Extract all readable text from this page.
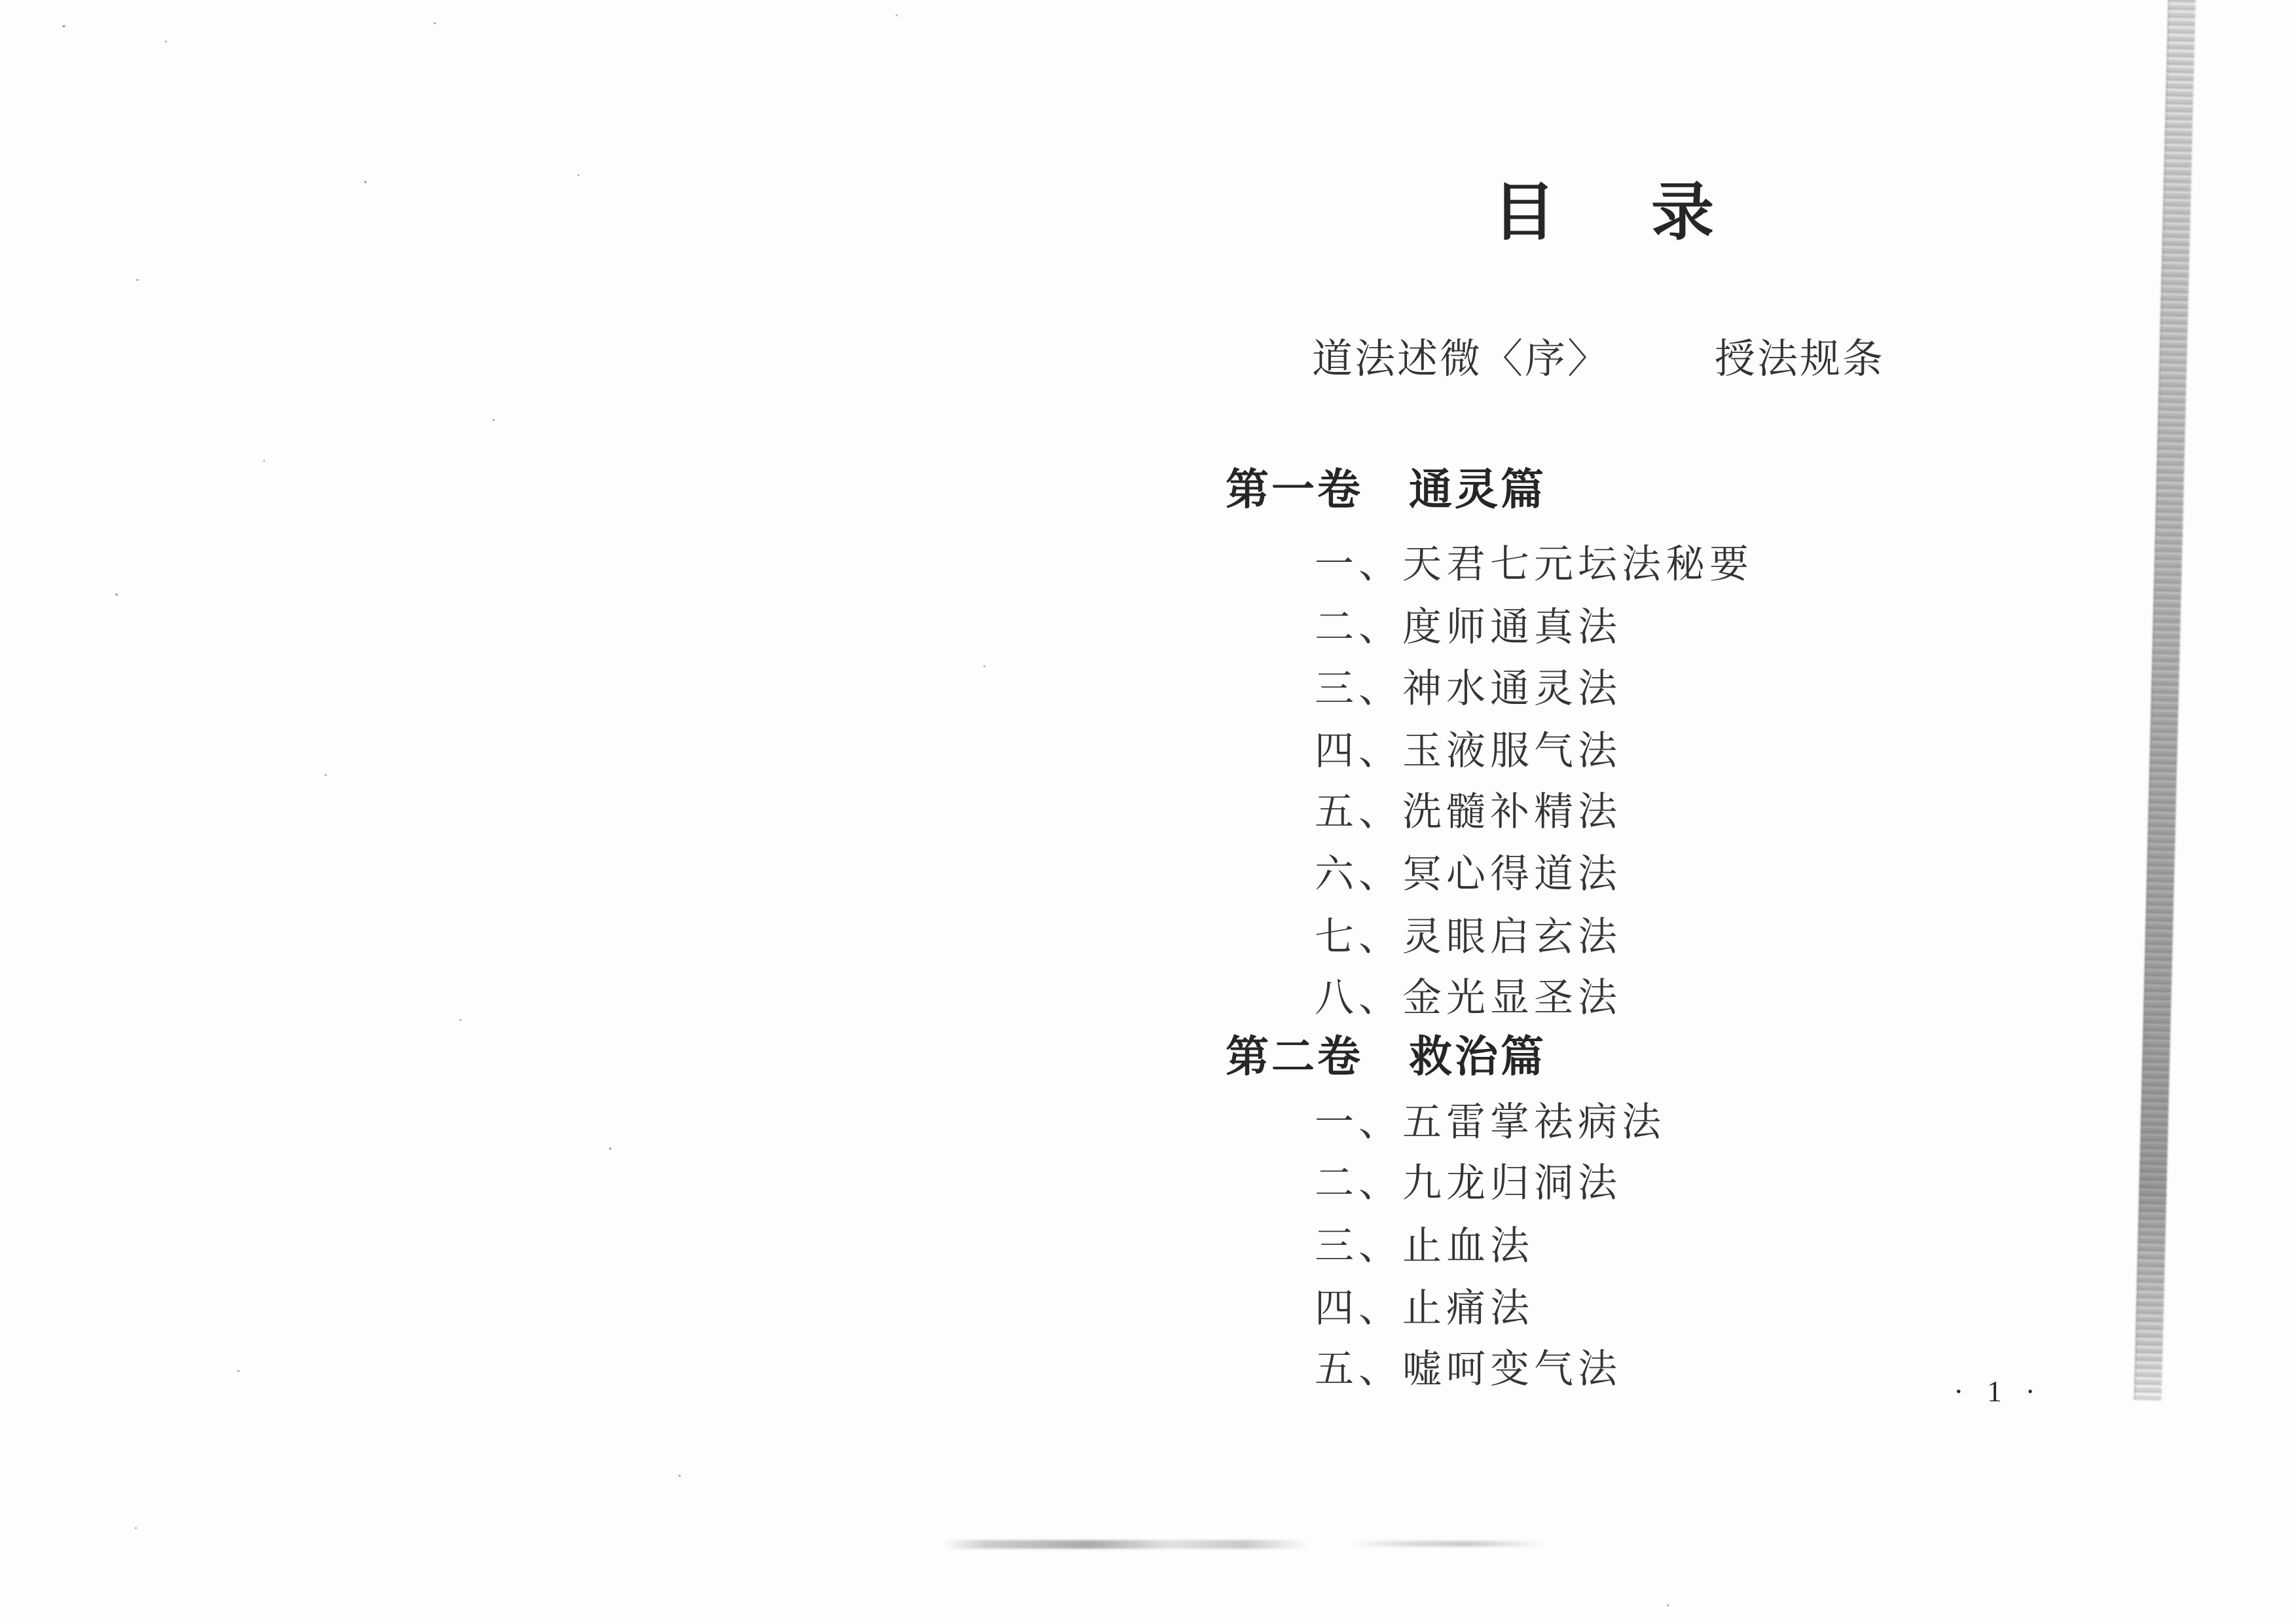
目 录
道法述微〈序〉	授法规条
第一卷 通灵篇
一、天君七元坛法秘要
二、度师通真法
三、神水通灵法
四、玉液服气法
五、洗髓补精法
六、冥心得道法
七、灵眼启玄法
八、金光显圣法
第二卷 救治篇
一、五雷掌祛病法
二、九龙归洞法
三、止血法
四、止痛法
五、嘘呵变气法
· 1 ·
